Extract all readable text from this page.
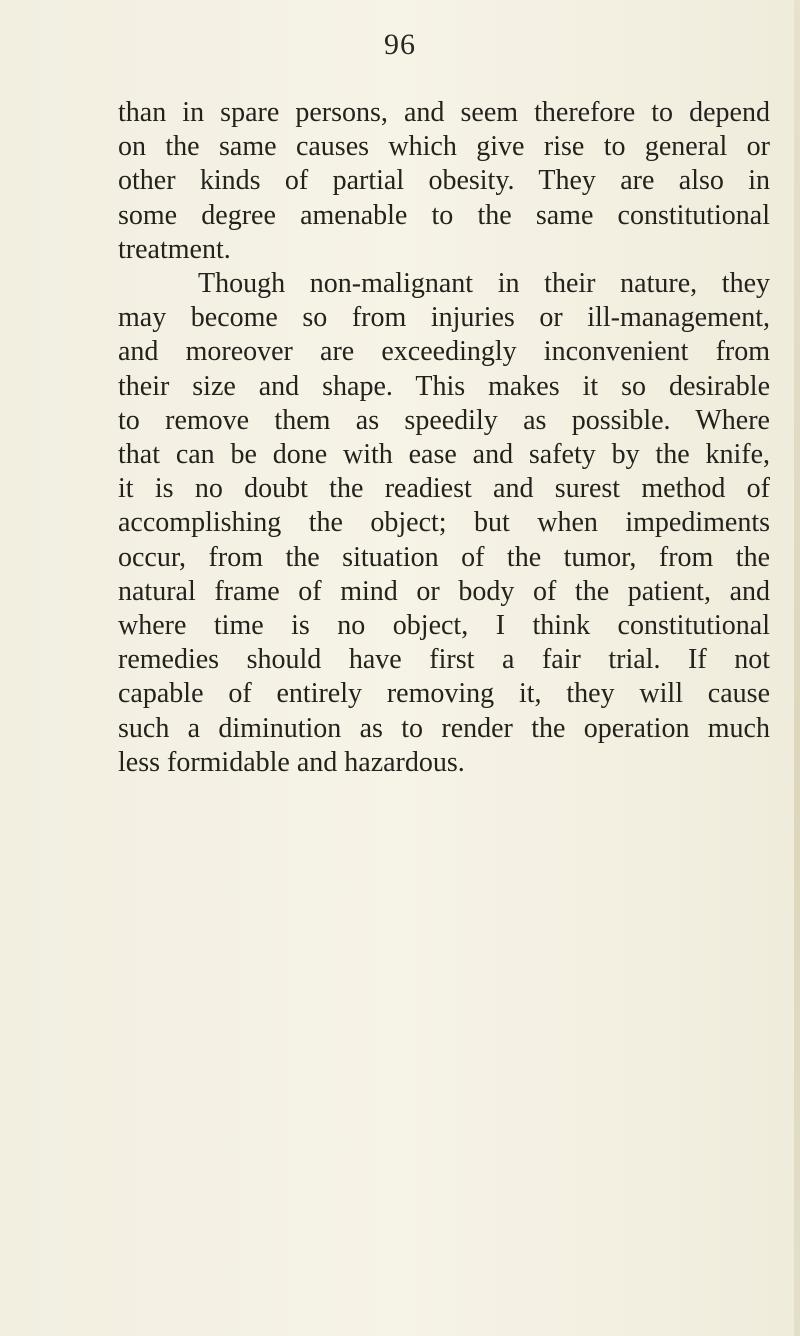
96
than in spare persons, and seem therefore to depend
on the same causes which give rise to general or
other kinds of partial obesity. They are also in
some degree amenable to the same constitutional
treatment.
Though non-malignant in their nature, they
may become so from injuries or ill-management,
and moreover are exceedingly inconvenient from
their size and shape. This makes it so desirable
to remove them as speedily as possible. Where
that can be done with ease and safety by the knife,
it is no doubt the readiest and surest method of
accomplishing the object; but when impediments
occur, from the situation of the tumor, from the
natural frame of mind or body of the patient, and
where time is no object, I think constitutional
remedies should have first a fair trial. If not
capable of entirely removing it, they will cause
such a diminution as to render the operation much
less formidable and hazardous.
